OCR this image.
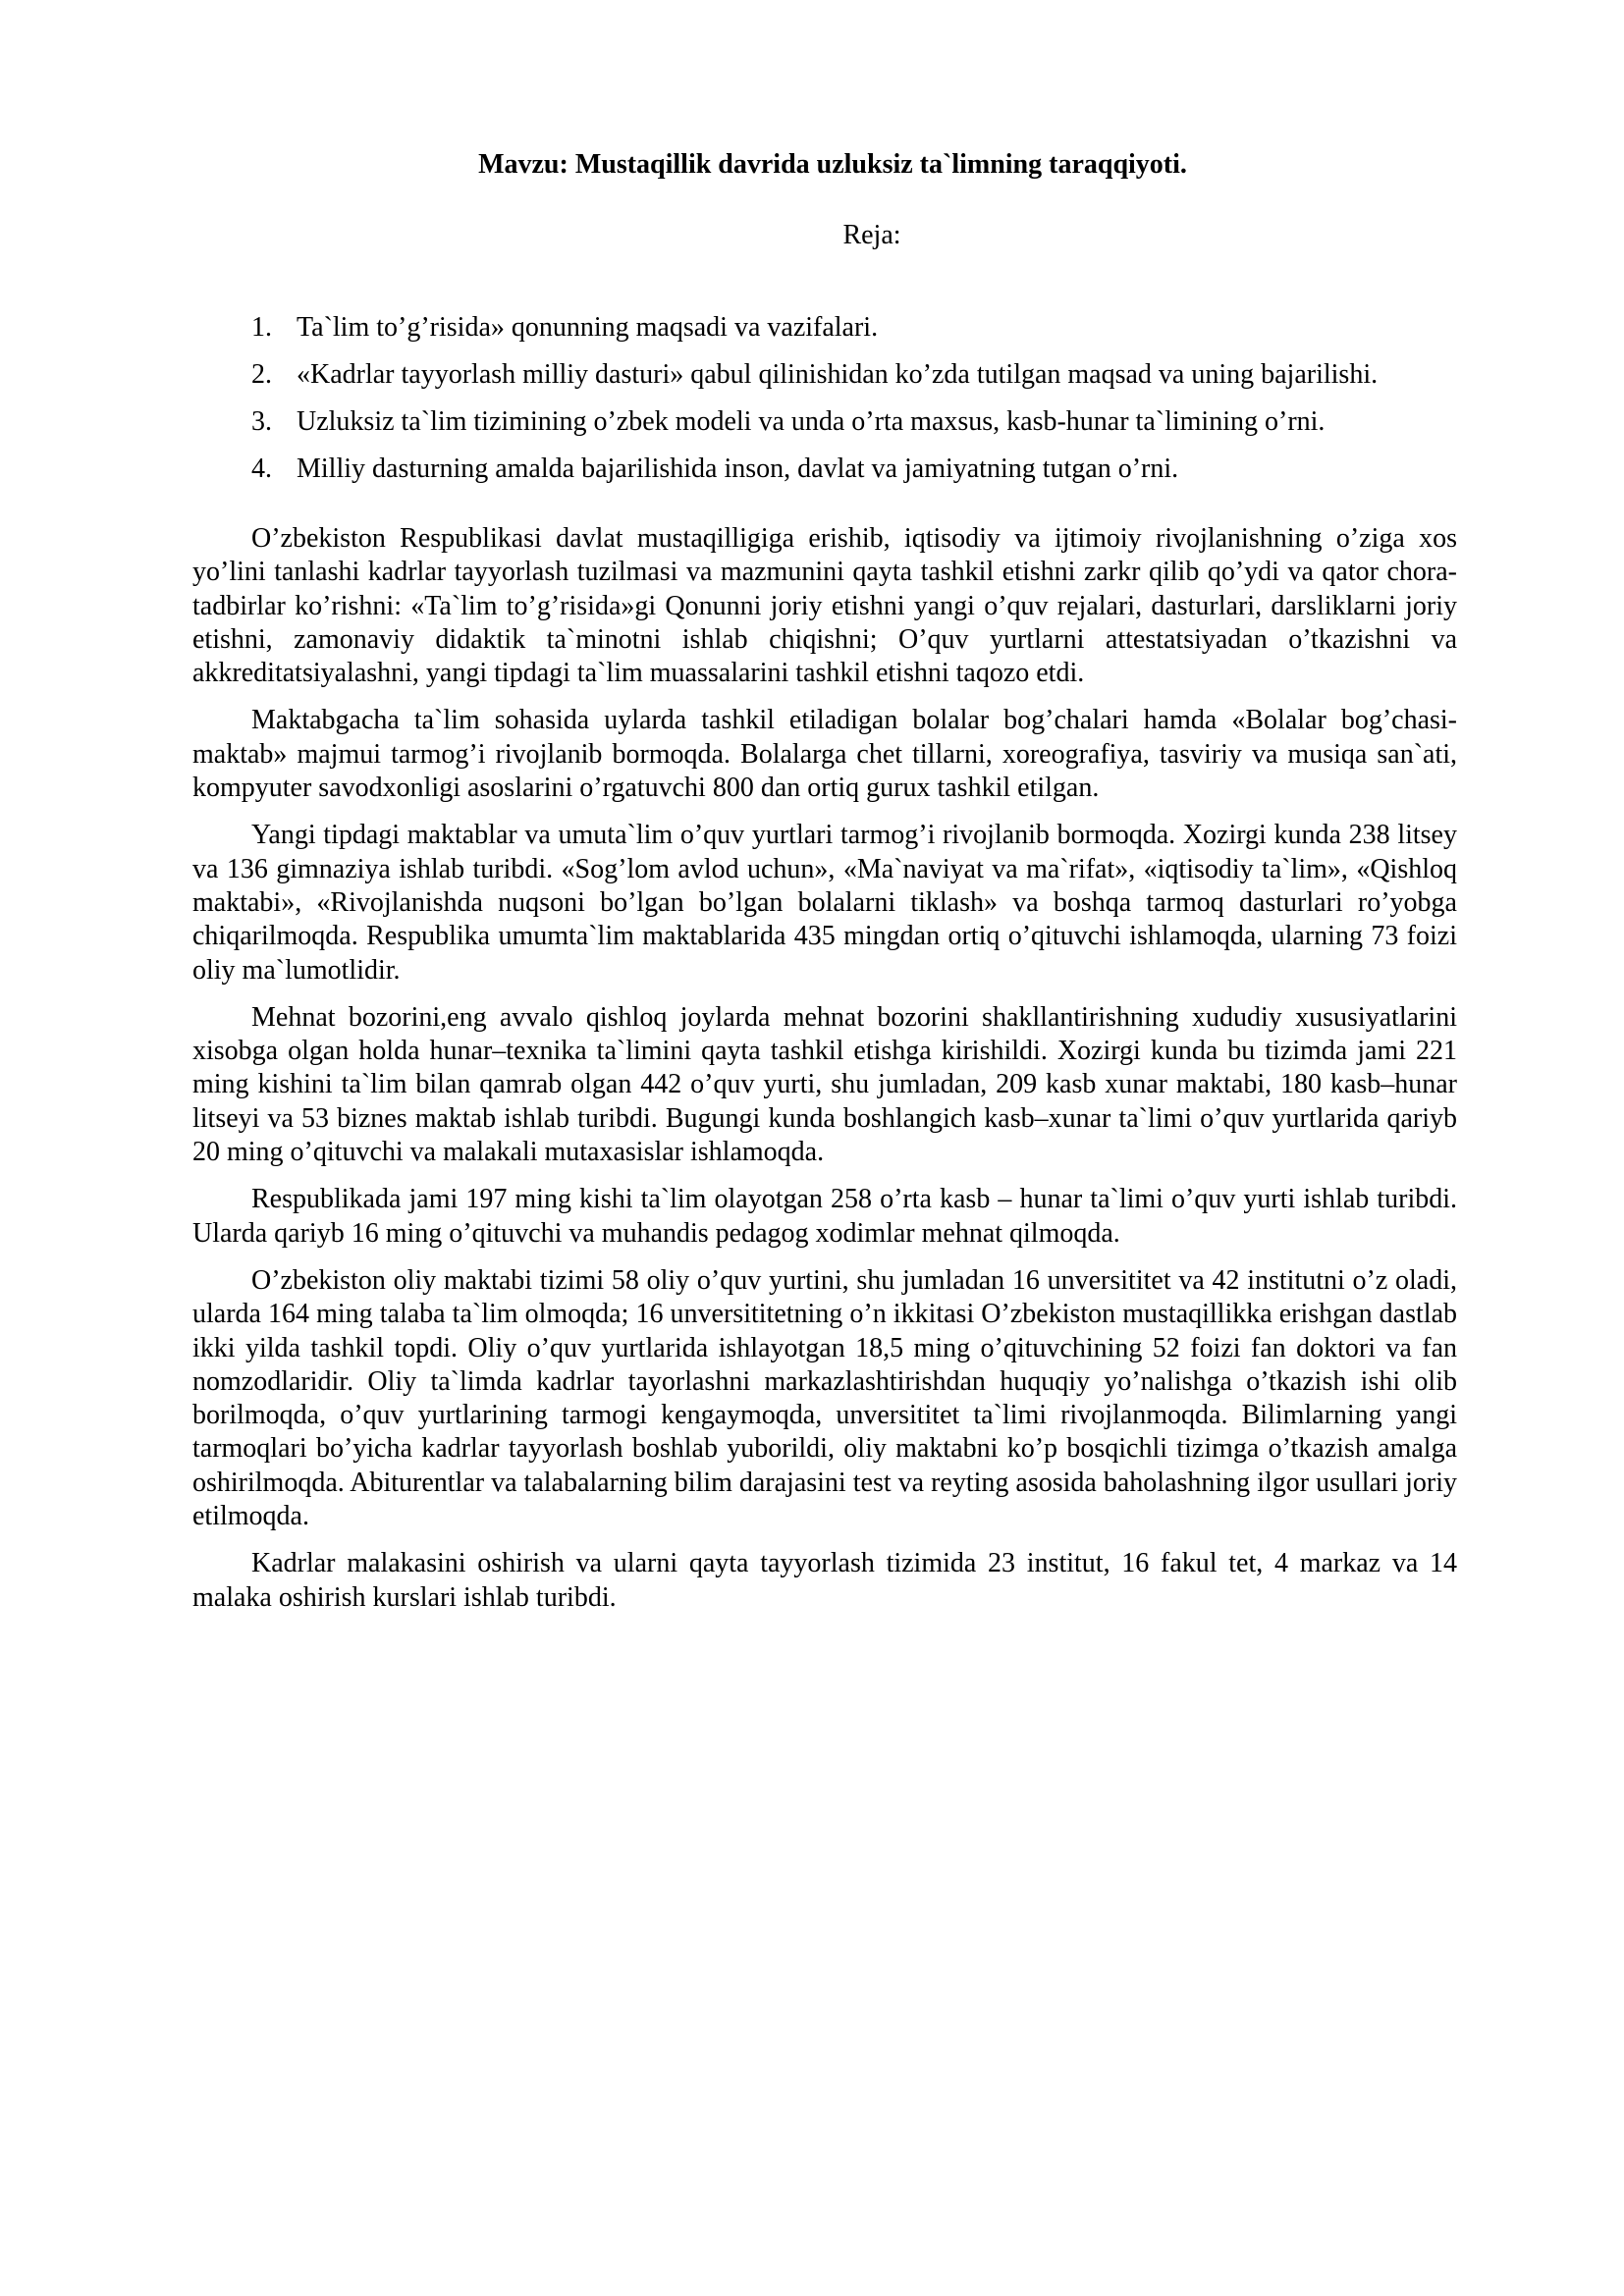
Mavzu: Mustaqillik davrida uzluksiz ta`limning taraqqiyoti.

Reja:

1. Ta`lim to’g’risida» qonunning maqsadi va vazifalari.
2. «Kadrlar tayyorlash milliy dasturi» qabul qilinishidan ko’zda tutilgan maqsad va uning bajarilishi.
3. Uzluksiz ta`lim tizimining o’zbek modeli va unda o’rta maxsus, kasb-hunar ta`limining o’rni.
4. Milliy dasturning amalda bajarilishida inson, davlat va jamiyatning tutgan o’rni.

O’zbekiston Respublikasi davlat mustaqilligiga erishib, iqtisodiy va ijtimoiy rivojlanishning o’ziga xos yo’lini tanlashi kadrlar tayyorlash tuzilmasi va mazmunini qayta tashkil etishni zarkr qilib qo’ydi va qator chora-tadbirlar ko’rishni: «Ta`lim to’g’risida»gi Qonunni joriy etishni yangi o’quv rejalari, dasturlari, darsliklarni joriy etishni, zamonaviy didaktik ta`minotni ishlab chiqishni; O’quv yurtlarni attestatsiyadan o’tkazishni va akkreditatsiyalashni, yangi tipdagi ta`lim muassalarini tashkil etishni taqozo etdi.

Maktabgacha ta`lim sohasida uylarda tashkil etiladigan bolalar bog’chalari hamda «Bolalar bog’chasi-maktab» majmui tarmog’i rivojlanib bormoqda. Bolalarga chet tillarni, xoreografiya, tasviriy va musiqa san`ati, kompyuter savodxonligi asoslarini o’rgatuvchi 800 dan ortiq gurux tashkil etilgan.

Yangi tipdagi maktablar va umuta`lim o’quv yurtlari tarmog’i rivojlanib bormoqda. Xozirgi kunda 238 litsey va 136 gimnaziya ishlab turibdi. «Sog’lom avlod uchun», «Ma`naviyat va ma`rifat», «iqtisodiy ta`lim», «Qishloq maktabi», «Rivojlanishda nuqsoni bo’lgan bo’lgan bolalarni tiklash» va boshqa tarmoq dasturlari ro’yobga chiqarilmoqda. Respublika umumta`lim maktablarida 435 mingdan ortiq o’qituvchi ishlamoqda, ularning 73 foizi oliy ma`lumotlidir.

Mehnat bozorini,eng avvalo qishloq joylarda mehnat bozorini shakllantirishning xududiy xususiyatlarini xisobga olgan holda hunar–texnika ta`limini qayta tashkil etishga kirishildi. Xozirgi kunda bu tizimda jami 221 ming kishini ta`lim bilan qamrab olgan 442 o’quv yurti, shu jumladan, 209 kasb xunar maktabi, 180 kasb–hunar litseyi va 53 biznes maktab ishlab turibdi. Bugungi kunda boshlangich kasb–xunar ta`limi o’quv yurtlarida qariyb 20 ming o’qituvchi va malakali mutaxasislar ishlamoqda.

Respublikada jami 197 ming kishi ta`lim olayotgan 258 o’rta kasb – hunar ta`limi o’quv yurti ishlab turibdi. Ularda qariyb 16 ming o’qituvchi va muhandis pedagog xodimlar mehnat qilmoqda.

O’zbekiston oliy maktabi tizimi 58 oliy o’quv yurtini, shu jumladan 16 unversititet va 42 institutni o’z oladi, ularda 164 ming talaba ta`lim olmoqda; 16 unversititetning o’n ikkitasi O’zbekiston mustaqillikka erishgan dastlab ikki yilda tashkil topdi. Oliy o’quv yurtlarida ishlayotgan 18,5 ming o’qituvchining 52 foizi fan doktori va fan nomzodlaridir. Oliy ta`limda kadrlar tayorlashni markazlashtirishdan huquqiy yo’nalishga o’tkazish ishi olib borilmoqda, o’quv yurtlarining tarmogi kengaymoqda, unversititet ta`limi rivojlanmoqda. Bilimlarning yangi tarmoqlari bo’yicha kadrlar tayyorlash boshlab yuborildi, oliy maktabni ko’p bosqichli tizimga o’tkazish amalga oshirilmoqda. Abiturentlar va talabalarning bilim darajasini test va reyting asosida baholashning ilgor usullari joriy etilmoqda.

Kadrlar malakasini oshirish va ularni qayta tayyorlash tizimida 23 institut, 16 fakul tet, 4 markaz va 14 malaka oshirish kurslari ishlab turibdi.
